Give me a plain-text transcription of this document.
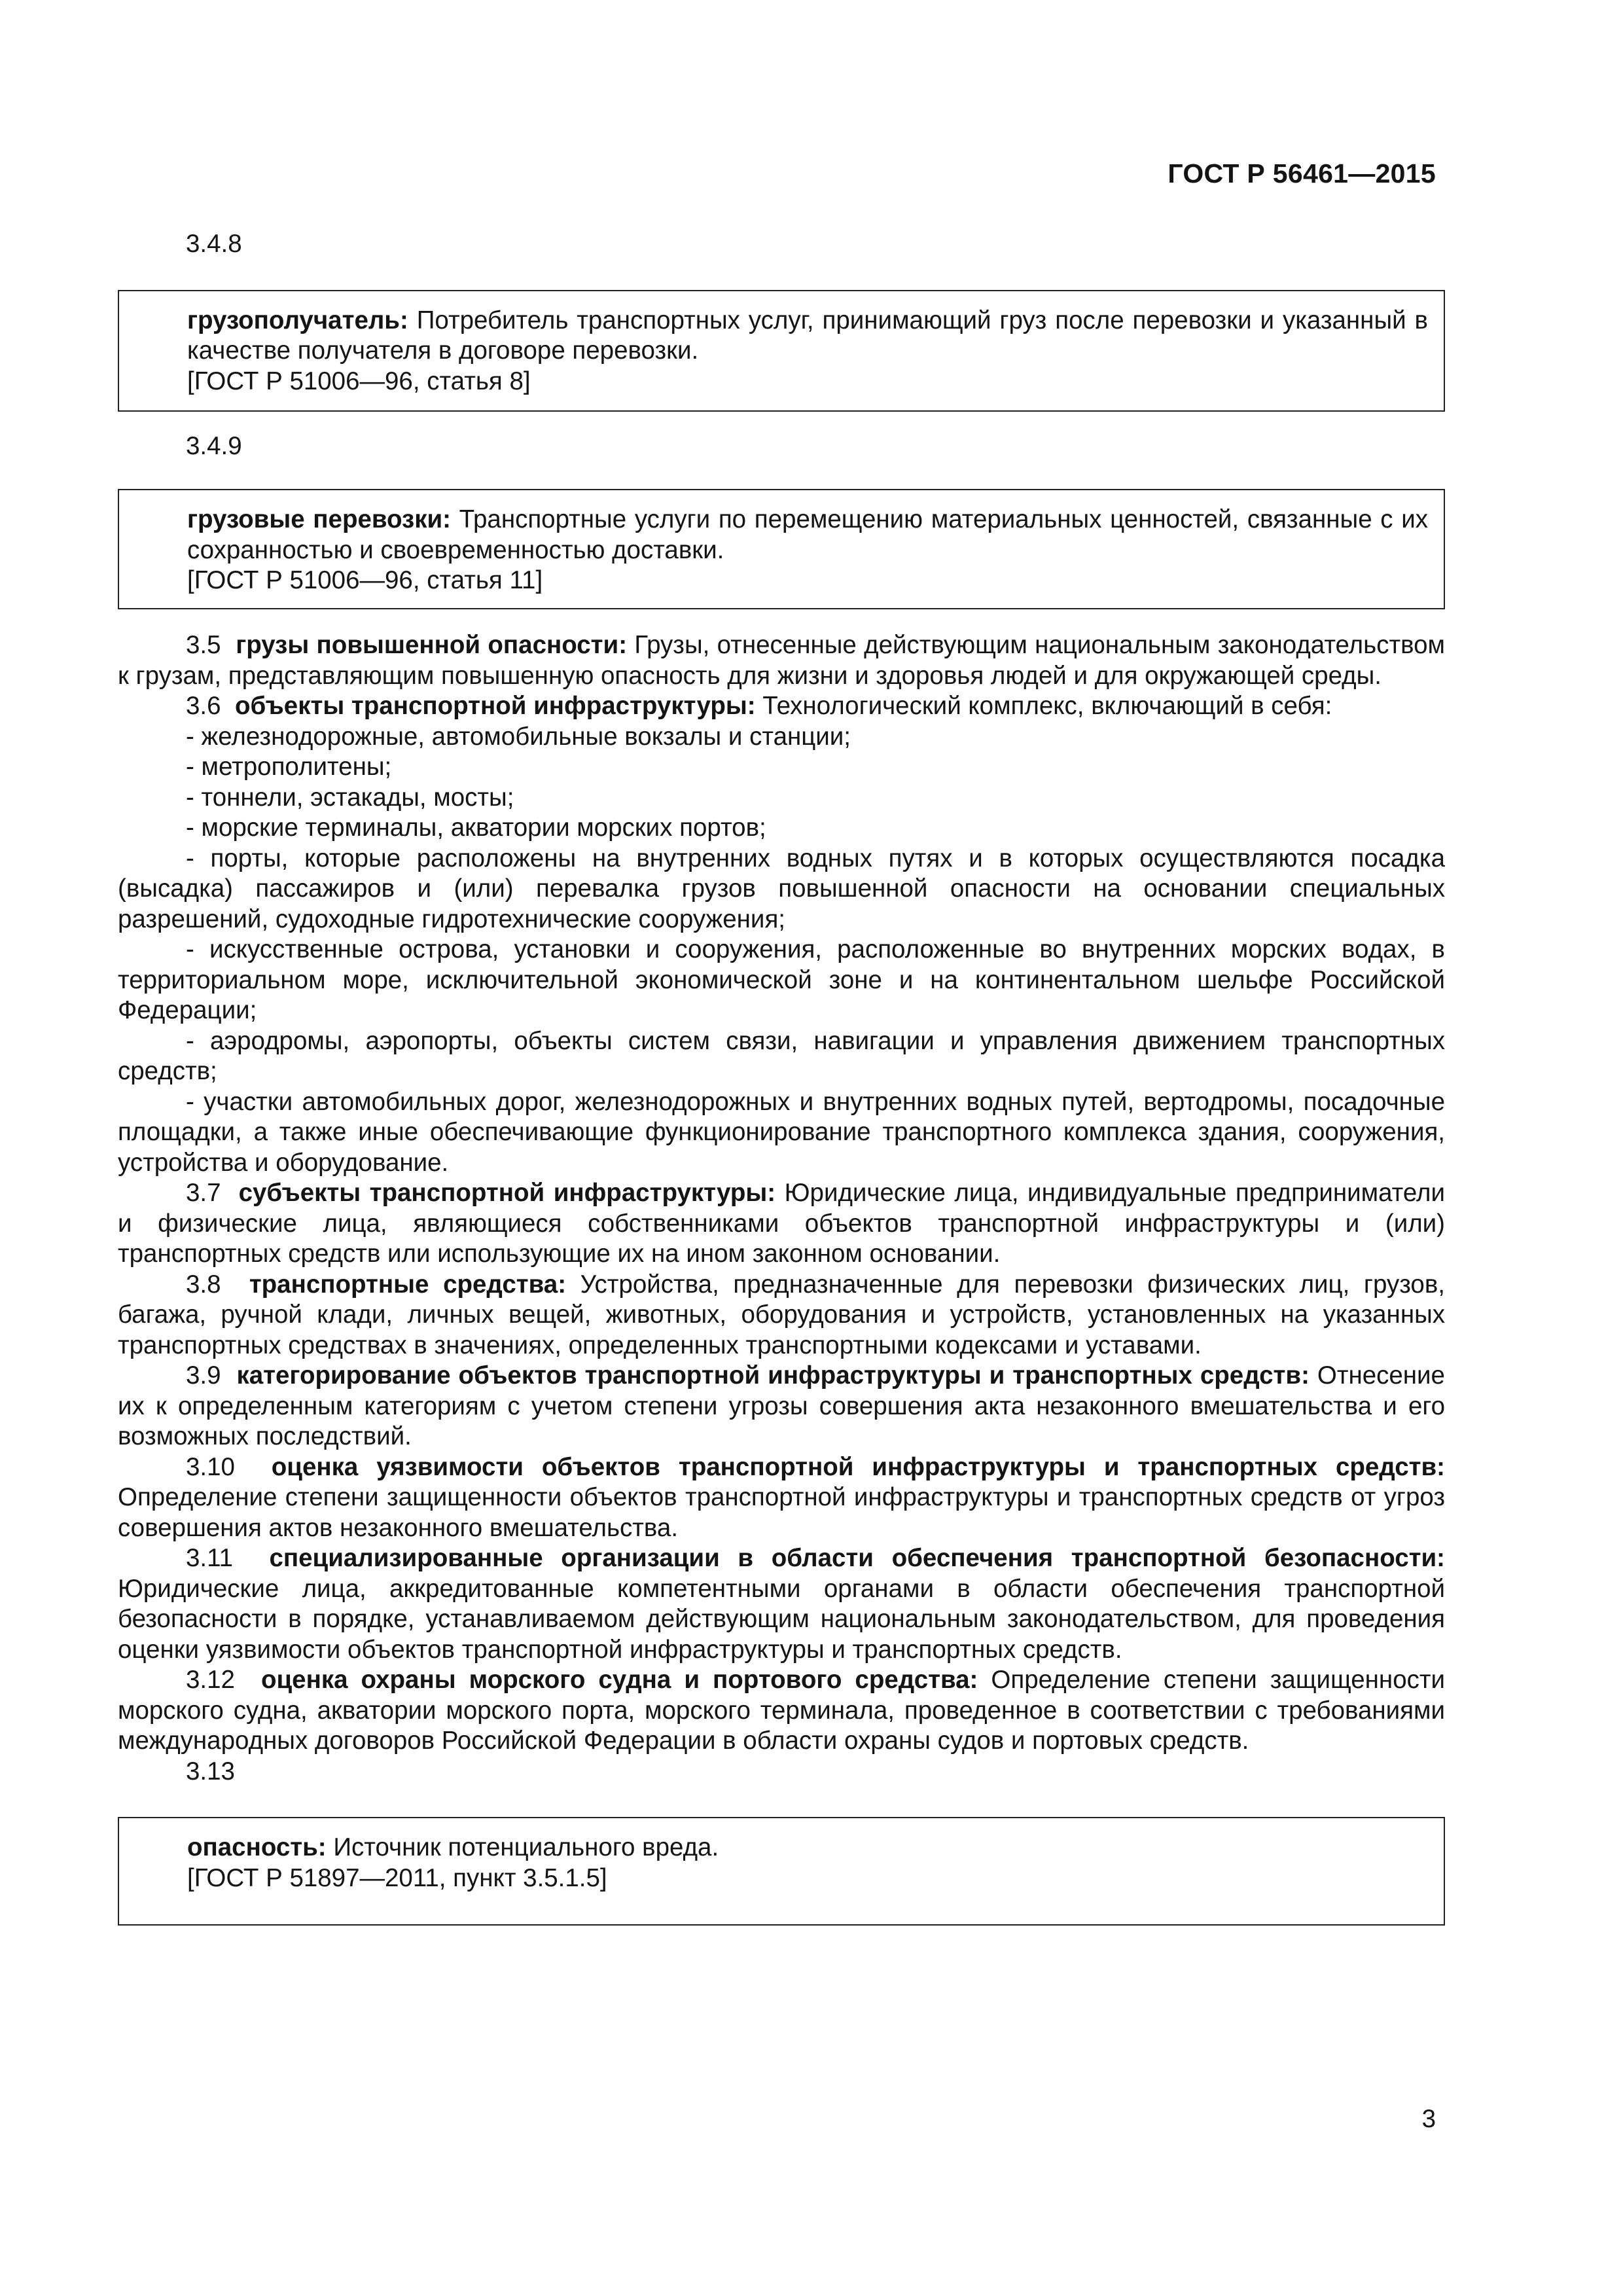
ГОСТ Р 56461—2015
3.4.8

грузополучатель: Потребитель транспортных услуг, принимающий груз после перевозки и указанный в качестве получателя в договоре перевозки.

[ГОСТ Р 51006—96, статья 8]

3.4.9

грузовые перевозки: Транспортные услуги по перемещению материальных ценностей, связанные с их сохранностью и своевременностью доставки.

[ГОСТ Р 51006—96, статья 11]

3.5 грузы повышенной опасности: Грузы, отнесенные действующим национальным законодательством к грузам, представляющим повышенную опасность для жизни и здоровья людей и для окружающей среды.

3.6 объекты транспортной инфраструктуры: Технологический комплекс, включающий в себя:

- железнодорожные, автомобильные вокзалы и станции;

- метрополитены;

- тоннели, эстакады, мосты;

- морские терминалы, акватории морских портов;

- порты, которые расположены на внутренних водных путях и в которых осуществляются посадка (высадка) пассажиров и (или) перевалка грузов повышенной опасности на основании специальных разрешений, судоходные гидротехнические сооружения;

- искусственные острова, установки и сооружения, расположенные во внутренних морских водах, в территориальном море, исключительной экономической зоне и на континентальном шельфе Российской Федерации;

- аэродромы, аэропорты, объекты систем связи, навигации и управления движением транспортных средств;

- участки автомобильных дорог, железнодорожных и внутренних водных путей, вертодромы, посадочные площадки, а также иные обеспечивающие функционирование транспортного комплекса здания, сооружения, устройства и оборудование.

3.7 субъекты транспортной инфраструктуры: Юридические лица, индивидуальные предприниматели и физические лица, являющиеся собственниками объектов транспортной инфраструктуры и (или) транспортных средств или использующие их на ином законном основании.

3.8 транспортные средства: Устройства, предназначенные для перевозки физических лиц, грузов, багажа, ручной клади, личных вещей, животных, оборудования и устройств, установленных на указанных транспортных средствах в значениях, определенных транспортными кодексами и уставами.

3.9 категорирование объектов транспортной инфраструктуры и транспортных средств: Отнесение их к определенным категориям с учетом степени угрозы совершения акта незаконного вмешательства и его возможных последствий.

3.10 оценка уязвимости объектов транспортной инфраструктуры и транспортных средств: Определение степени защищенности объектов транспортной инфраструктуры и транспортных средств от угроз совершения актов незаконного вмешательства.

3.11 специализированные организации в области обеспечения транспортной безопасности: Юридические лица, аккредитованные компетентными органами в области обеспечения транспортной безопасности в порядке, устанавливаемом действующим национальным законодательством, для проведения оценки уязвимости объектов транспортной инфраструктуры и транспортных средств.

3.12 оценка охраны морского судна и портового средства: Определение степени защищенности морского судна, акватории морского порта, морского терминала, проведенное в соответствии с требованиями международных договоров Российской Федерации в области охраны судов и портовых средств.

3.13

опасность: Источник потенциального вреда.

[ГОСТ Р 51897—2011, пункт 3.5.1.5]

3
